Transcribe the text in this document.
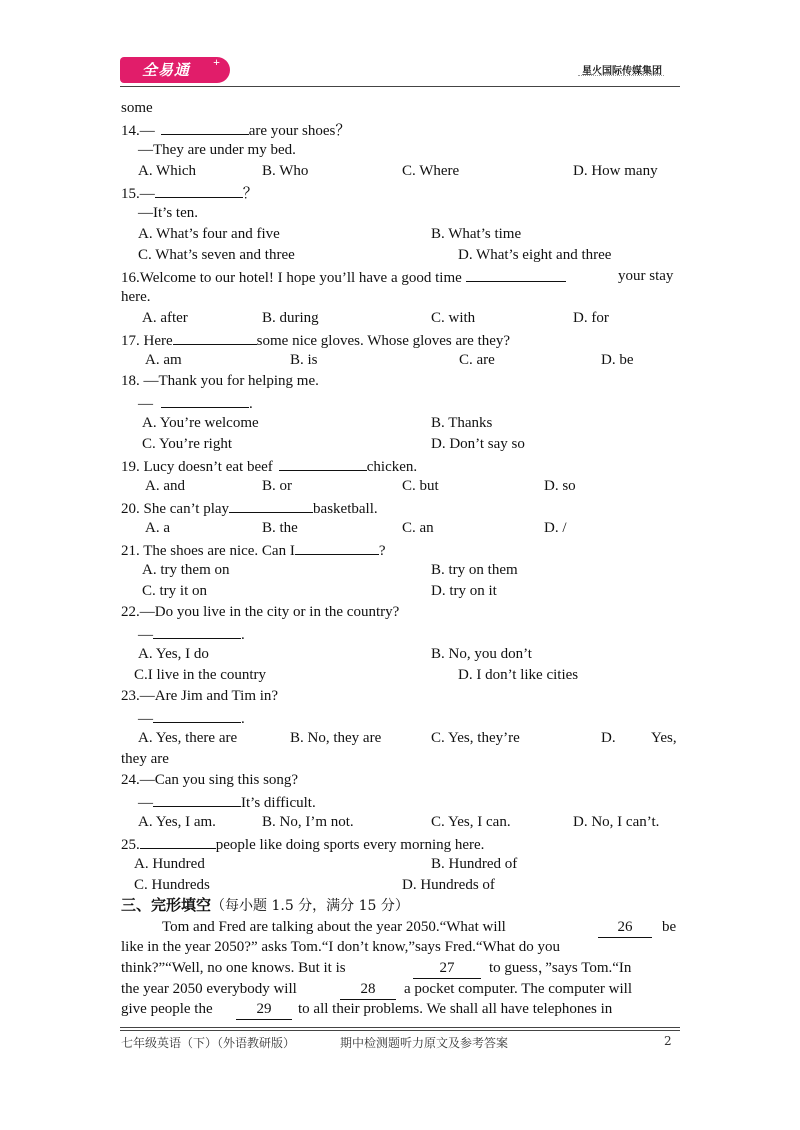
全易通 +
星火国际传媒集团
some
14.—	are your shoes？
—They are under my bed.
A. Which	B. Who	C. Where	D. How many
15.—	？
—It’s ten.
A. What’s four and five	B. What’s time
C. What’s seven and three	D. What’s eight and three
16.Welcome to our hotel! I hope you’ll have a good time	your stay
here.
A. after	B. during	C. with	D. for
17. Here	some nice gloves. Whose gloves are they?
A. am	B. is	C. are	D. be
18. —Thank you for helping me.
—	.
A. You’re welcome	B. Thanks
C. You’re right	D. Don’t say so
19. Lucy doesn’t eat beef	chicken.
A. and	B. or	C. but	D. so
20. She can’t play	basketball.
A. a	B. the	C. an	D. /
21. The shoes are nice. Can I	?
A. try them on	B. try on them
C. try it on	D. try on it
22.—Do you live in the city or in the country?
—	.
A. Yes, I do	B. No, you don’t
C.I live in the country	D. I don’t like cities
23.—Are Jim and Tim in?
—	.
A. Yes, there are	B. No, they are	C. Yes, they’re	D. Yes,
they are
24.—Can you sing this song?
—	It’s difficult.
A. Yes, I am.	B. No, I’m not.	C. Yes, I can.	D. No, I can’t.
25.	people like doing sports every morning here.
A. Hundred	B. Hundred of
C. Hundreds	D. Hundreds of
三、完形填空（每小题 1.5 分，满分 15 分）
Tom and Fred are talking about the year 2050.“What will	26	be
like in the year 2050?” asks Tom.“I don’t know,”says Fred.“What do you
think?”“Well, no one knows. But it is	27	to guess，”says Tom.“In
the year 2050 everybody will	28	a pocket computer. The computer will
give people the	29	to all their problems. We shall all have telephones in
七年级英语（下）（外语教研版）	期中检测题听力原文及参考答案	2
